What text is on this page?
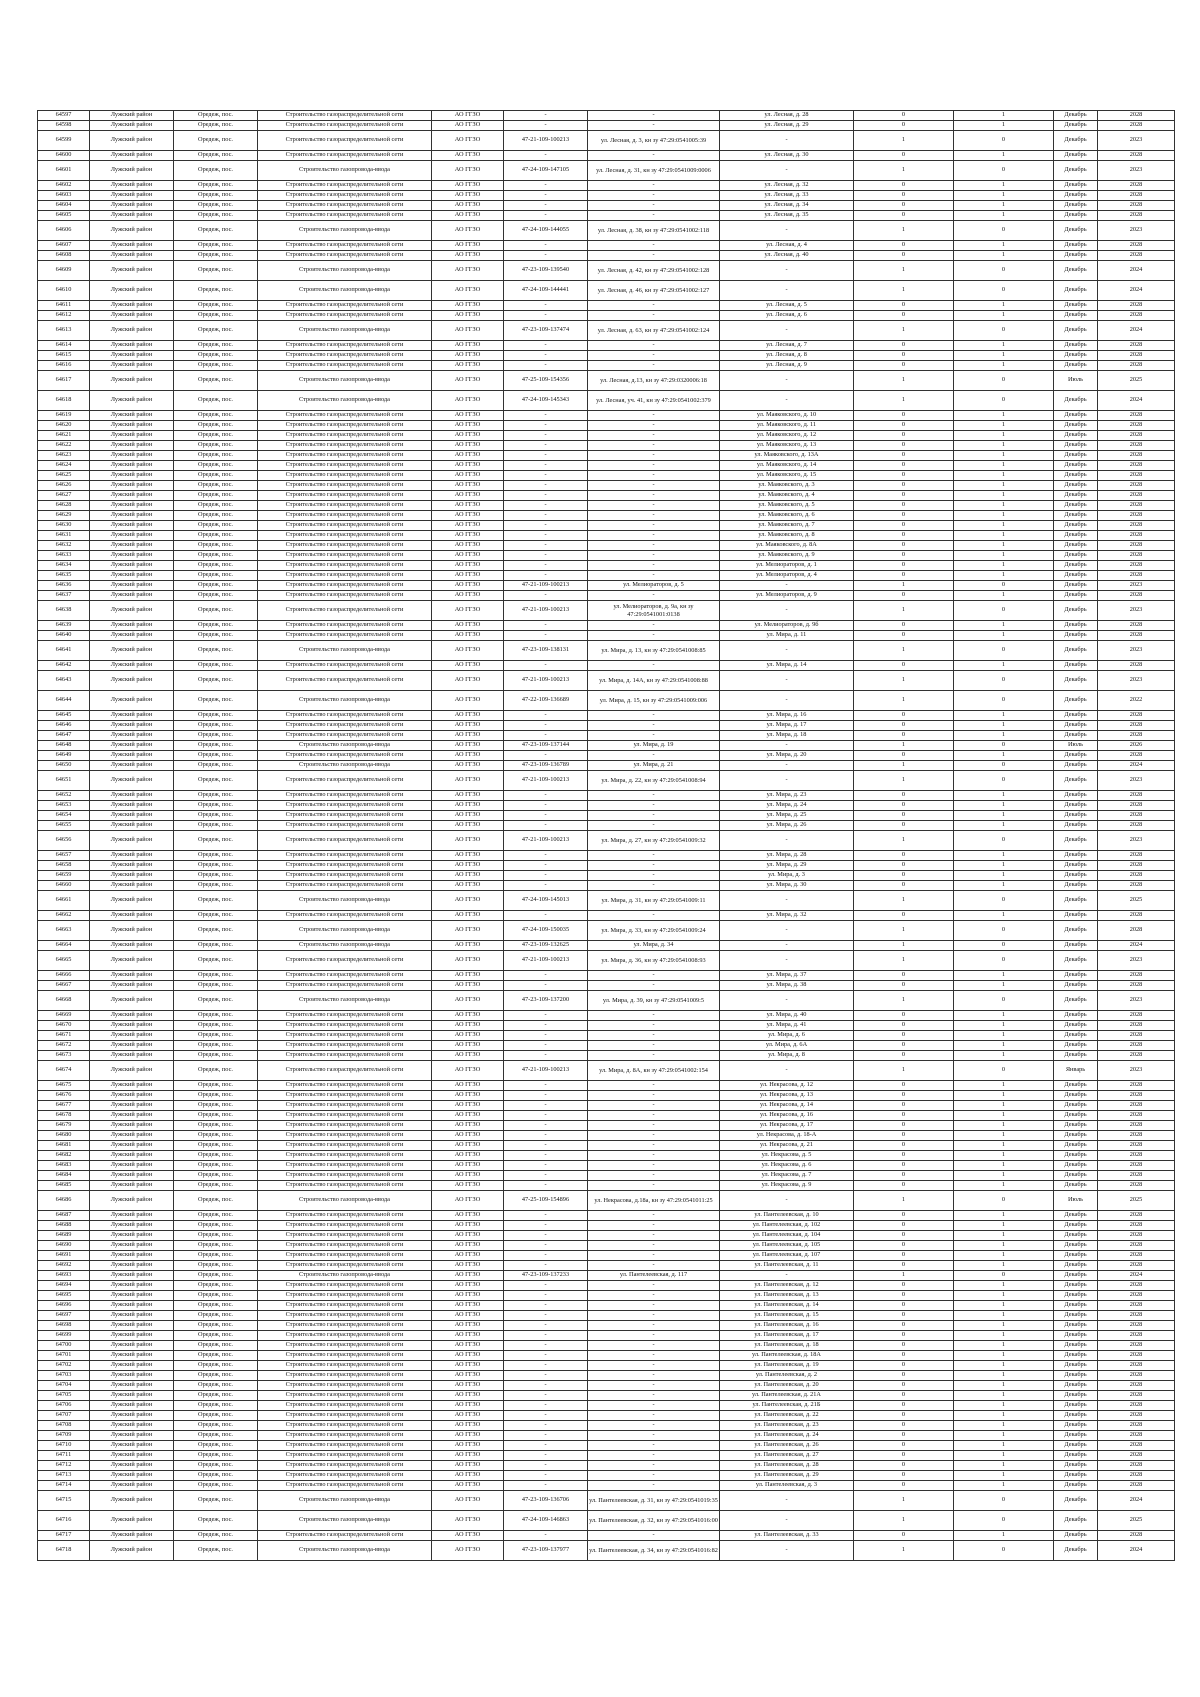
64597	Лужский район	Оредеж, пос.	Строительство газораспределительной сети	АО ГГЗО	-	-	ул. Лесная, д. 28	0	1	Декабрь	2028
64598	Лужский район	Оредеж, пос.	Строительство газораспределительной сети	АО ГГЗО	-	-	ул. Лесная, д. 29	0	1	Декабрь	2028
64599	Лужский район	Оредеж, пос.	Строительство газораспределительной сети	АО ГГЗО	47-21-109-100213	ул. Лесная, д. 3, кн зу 47:29:0541005:39	-	1	0	Декабрь	2023
64600	Лужский район	Оредеж, пос.	Строительство газораспределительной сети	АО ГГЗО	-	-	ул. Лесная, д. 30	0	1	Декабрь	2028
64601	Лужский район	Оредеж, пос.	Строительство газопровода-ввода	АО ГГЗО	47-24-109-147105	ул. Лесная, д. 31, кн зу 47:29:0541009:0006	-	1	0	Декабрь	2023
64602	Лужский район	Оредеж, пос.	Строительство газораспределительной сети	АО ГГЗО	-	-	ул. Лесная, д. 32	0	1	Декабрь	2028
64603	Лужский район	Оредеж, пос.	Строительство газораспределительной сети	АО ГГЗО	-	-	ул. Лесная, д. 33	0	1	Декабрь	2028
64604	Лужский район	Оредеж, пос.	Строительство газораспределительной сети	АО ГГЗО	-	-	ул. Лесная, д. 34	0	1	Декабрь	2028
64605	Лужский район	Оредеж, пос.	Строительство газораспределительной сети	АО ГГЗО	-	-	ул. Лесная, д. 35	0	1	Декабрь	2028
64606	Лужский район	Оредеж, пос.	Строительство газопровода-ввода	АО ГГЗО	47-24-109-144055	ул. Лесная, д. 38, кн зу 47:29:0541002:118	-	1	0	Декабрь	2023
64607	Лужский район	Оредеж, пос.	Строительство газораспределительной сети	АО ГГЗО	-	-	ул. Лесная, д. 4	0	1	Декабрь	2028
64608	Лужский район	Оредеж, пос.	Строительство газораспределительной сети	АО ГГЗО	-	-	ул. Лесная, д. 40	0	1	Декабрь	2028
64609	Лужский район	Оредеж, пос.	Строительство газопровода-ввода	АО ГГЗО	47-23-109-139540	ул. Лесная, д. 42, кн зу 47:29:0541002:128	-	1	0	Декабрь	2024
64610	Лужский район	Оредеж, пос.	Строительство газопровода-ввода	АО ГГЗО	47-24-109-144441	ул. Лесная, д. 46, кн зу 47:29:0541002:127	-	1	0	Декабрь	2024
64611	Лужский район	Оредеж, пос.	Строительство газораспределительной сети	АО ГГЗО	-	-	ул. Лесная, д. 5	0	1	Декабрь	2028
64612	Лужский район	Оредеж, пос.	Строительство газораспределительной сети	АО ГГЗО	-	-	ул. Лесная, д. 6	0	1	Декабрь	2028
64613	Лужский район	Оредеж, пос.	Строительство газопровода-ввода	АО ГГЗО	47-23-109-137474	ул. Лесная, д. 63, кн зу 47:29:0541002:124	-	1	0	Декабрь	2024
64614	Лужский район	Оредеж, пос.	Строительство газораспределительной сети	АО ГГЗО	-	-	ул. Лесная, д. 7	0	1	Декабрь	2028
64615	Лужский район	Оредеж, пос.	Строительство газораспределительной сети	АО ГГЗО	-	-	ул. Лесная, д. 8	0	1	Декабрь	2028
64616	Лужский район	Оредеж, пос.	Строительство газораспределительной сети	АО ГГЗО	-	-	ул. Лесная, д. 9	0	1	Декабрь	2028
64617	Лужский район	Оредеж, пос.	Строительство газопровода-ввода	АО ГГЗО	47-25-109-154356	ул. Лесная, д.13, кн зу 47:29:0320006:18	-	1	0	Июль	2025
64618	Лужский район	Оредеж, пос.	Строительство газопровода-ввода	АО ГГЗО	47-24-109-145343	ул. Лесная, уч. 41, кн зу 47:29:0541002:379	-	1	0	Декабрь	2024
64619	Лужский район	Оредеж, пос.	Строительство газораспределительной сети	АО ГГЗО	-	-	ул. Маяковского, д. 10	0	1	Декабрь	2028
64620	Лужский район	Оредеж, пос.	Строительство газораспределительной сети	АО ГГЗО	-	-	ул. Маяковского, д. 11	0	1	Декабрь	2028
64621	Лужский район	Оредеж, пос.	Строительство газораспределительной сети	АО ГГЗО	-	-	ул. Маяковского, д. 12	0	1	Декабрь	2028
64622	Лужский район	Оредеж, пос.	Строительство газораспределительной сети	АО ГГЗО	-	-	ул. Маяковского, д. 13	0	1	Декабрь	2028
64623	Лужский район	Оредеж, пос.	Строительство газораспределительной сети	АО ГГЗО	-	-	ул. Маяковского, д. 13А	0	1	Декабрь	2028
64624	Лужский район	Оредеж, пос.	Строительство газораспределительной сети	АО ГГЗО	-	-	ул. Маяковского, д. 14	0	1	Декабрь	2028
64625	Лужский район	Оредеж, пос.	Строительство газораспределительной сети	АО ГГЗО	-	-	ул. Маяковского, д. 15	0	1	Декабрь	2028
64626	Лужский район	Оредеж, пос.	Строительство газораспределительной сети	АО ГГЗО	-	-	ул. Маяковского, д. 3	0	1	Декабрь	2028
64627	Лужский район	Оредеж, пос.	Строительство газораспределительной сети	АО ГГЗО	-	-	ул. Маяковского, д. 4	0	1	Декабрь	2028
64628	Лужский район	Оредеж, пос.	Строительство газораспределительной сети	АО ГГЗО	-	-	ул. Маяковского, д. 5	0	1	Декабрь	2028
64629	Лужский район	Оредеж, пос.	Строительство газораспределительной сети	АО ГГЗО	-	-	ул. Маяковского, д. 6	0	1	Декабрь	2028
64630	Лужский район	Оредеж, пос.	Строительство газораспределительной сети	АО ГГЗО	-	-	ул. Маяковского, д. 7	0	1	Декабрь	2028
64631	Лужский район	Оредеж, пос.	Строительство газораспределительной сети	АО ГГЗО	-	-	ул. Маяковского, д. 8	0	1	Декабрь	2028
64632	Лужский район	Оредеж, пос.	Строительство газораспределительной сети	АО ГГЗО	-	-	ул. Маяковского, д. 8А	0	1	Декабрь	2028
64633	Лужский район	Оредеж, пос.	Строительство газораспределительной сети	АО ГГЗО	-	-	ул. Маяковского, д. 9	0	1	Декабрь	2028
64634	Лужский район	Оредеж, пос.	Строительство газораспределительной сети	АО ГГЗО	-	-	ул. Мелиораторов, д. 1	0	1	Декабрь	2028
64635	Лужский район	Оредеж, пос.	Строительство газораспределительной сети	АО ГГЗО	-	-	ул. Мелиораторов, д. 4	0	1	Декабрь	2028
64636	Лужский район	Оредеж, пос.	Строительство газораспределительной сети	АО ГГЗО	47-21-109-100213	ул. Мелиораторов, д. 5	-	1	0	Декабрь	2023
64637	Лужский район	Оредеж, пос.	Строительство газораспределительной сети	АО ГГЗО	-	-	ул. Мелиораторов, д. 9	0	1	Декабрь	2028
64638	Лужский район	Оредеж, пос.	Строительство газораспределительной сети	АО ГГЗО	47-21-109-100213	ул. Мелиораторов, д. 9а, кн зу 47:29:0541001:0138	-	1	0	Декабрь	2023
64639	Лужский район	Оредеж, пос.	Строительство газораспределительной сети	АО ГГЗО	-	-	ул. Мелиораторов, д. 9б	0	1	Декабрь	2028
64640	Лужский район	Оредеж, пос.	Строительство газораспределительной сети	АО ГГЗО	-	-	ул. Мира, д. 11	0	1	Декабрь	2028
64641	Лужский район	Оредеж, пос.	Строительство газопровода-ввода	АО ГГЗО	47-23-109-138131	ул. Мира, д. 13, кн зу 47:29:0541008:85	-	1	0	Декабрь	2023
64642	Лужский район	Оредеж, пос.	Строительство газораспределительной сети	АО ГГЗО	-	-	ул. Мира, д. 14	0	1	Декабрь	2028
64643	Лужский район	Оредеж, пос.	Строительство газораспределительной сети	АО ГГЗО	47-21-109-100213	ул. Мира, д. 14А, кн зу 47:29:0541008:88	-	1	0	Декабрь	2023
64644	Лужский район	Оредеж, пос.	Строительство газопровода-ввода	АО ГГЗО	47-22-109-136689	ул. Мира, д. 15, кн зу 47:29:0541009:006	-	1	0	Декабрь	2022
64645	Лужский район	Оредеж, пос.	Строительство газораспределительной сети	АО ГГЗО	-	-	ул. Мира, д. 16	0	1	Декабрь	2028
64646	Лужский район	Оредеж, пос.	Строительство газораспределительной сети	АО ГГЗО	-	-	ул. Мира, д. 17	0	1	Декабрь	2028
64647	Лужский район	Оредеж, пос.	Строительство газораспределительной сети	АО ГГЗО	-	-	ул. Мира, д. 18	0	1	Декабрь	2028
64648	Лужский район	Оредеж, пос.	Строительство газопровода-ввода	АО ГГЗО	47-23-109-137144	ул. Мира, д. 19	-	1	0	Июль	2026
64649	Лужский район	Оредеж, пос.	Строительство газораспределительной сети	АО ГГЗО	-	-	ул. Мира, д. 20	0	1	Декабрь	2028
64650	Лужский район	Оредеж, пос.	Строительство газопровода-ввода	АО ГГЗО	47-23-109-136789	ул. Мира, д. 21	-	1	0	Декабрь	2024
64651	Лужский район	Оредеж, пос.	Строительство газораспределительной сети	АО ГГЗО	47-21-109-100213	ул. Мира, д. 22, кн зу 47:29:0541008:94	-	1	0	Декабрь	2023
64652	Лужский район	Оредеж, пос.	Строительство газораспределительной сети	АО ГГЗО	-	-	ул. Мира, д. 23	0	1	Декабрь	2028
64653	Лужский район	Оредеж, пос.	Строительство газораспределительной сети	АО ГГЗО	-	-	ул. Мира, д. 24	0	1	Декабрь	2028
64654	Лужский район	Оредеж, пос.	Строительство газораспределительной сети	АО ГГЗО	-	-	ул. Мира, д. 25	0	1	Декабрь	2028
64655	Лужский район	Оредеж, пос.	Строительство газораспределительной сети	АО ГГЗО	-	-	ул. Мира, д. 26	0	1	Декабрь	2028
64656	Лужский район	Оредеж, пос.	Строительство газораспределительной сети	АО ГГЗО	47-21-109-100213	ул. Мира, д. 27, кн зу 47:29:0541009:32	-	1	0	Декабрь	2023
64657	Лужский район	Оредеж, пос.	Строительство газораспределительной сети	АО ГГЗО	-	-	ул. Мира, д. 28	0	1	Декабрь	2028
64658	Лужский район	Оредеж, пос.	Строительство газораспределительной сети	АО ГГЗО	-	-	ул. Мира, д. 29	0	1	Декабрь	2028
64659	Лужский район	Оредеж, пос.	Строительство газораспределительной сети	АО ГГЗО	-	-	ул. Мира, д. 3	0	1	Декабрь	2028
64660	Лужский район	Оредеж, пос.	Строительство газораспределительной сети	АО ГГЗО	-	-	ул. Мира, д. 30	0	1	Декабрь	2028
64661	Лужский район	Оредеж, пос.	Строительство газопровода-ввода	АО ГГЗО	47-24-109-145013	ул. Мира, д. 31, кн зу 47:29:0541009:11	-	1	0	Декабрь	2025
64662	Лужский район	Оредеж, пос.	Строительство газораспределительной сети	АО ГГЗО	-	-	ул. Мира, д. 32	0	1	Декабрь	2028
64663	Лужский район	Оредеж, пос.	Строительство газопровода-ввода	АО ГГЗО	47-24-109-150035	ул. Мира, д. 33, кн зу 47:29:0541009:24	-	1	0	Декабрь	2028
64664	Лужский район	Оредеж, пос.	Строительство газопровода-ввода	АО ГГЗО	47-23-109-132625	ул. Мира, д. 34	-	1	0	Декабрь	2024
64665	Лужский район	Оредеж, пос.	Строительство газораспределительной сети	АО ГГЗО	47-21-109-100213	ул. Мира, д. 36, кн зу 47:29:0541008:93	-	1	0	Декабрь	2023
64666	Лужский район	Оредеж, пос.	Строительство газораспределительной сети	АО ГГЗО	-	-	ул. Мира, д. 37	0	1	Декабрь	2028
64667	Лужский район	Оредеж, пос.	Строительство газораспределительной сети	АО ГГЗО	-	-	ул. Мира, д. 38	0	1	Декабрь	2028
64668	Лужский район	Оредеж, пос.	Строительство газопровода-ввода	АО ГГЗО	47-23-109-137200	ул. Мира, д. 39, кн зу 47:29:0541009:5	-	1	0	Декабрь	2023
64669	Лужский район	Оредеж, пос.	Строительство газораспределительной сети	АО ГГЗО	-	-	ул. Мира, д. 40	0	1	Декабрь	2028
64670	Лужский район	Оредеж, пос.	Строительство газораспределительной сети	АО ГГЗО	-	-	ул. Мира, д. 41	0	1	Декабрь	2028
64671	Лужский район	Оредеж, пос.	Строительство газораспределительной сети	АО ГГЗО	-	-	ул. Мира, д. 6	0	1	Декабрь	2028
64672	Лужский район	Оредеж, пос.	Строительство газораспределительной сети	АО ГГЗО	-	-	ул. Мира, д. 6А	0	1	Декабрь	2028
64673	Лужский район	Оредеж, пос.	Строительство газораспределительной сети	АО ГГЗО	-	-	ул. Мира, д. 8	0	1	Декабрь	2028
64674	Лужский район	Оредеж, пос.	Строительство газораспределительной сети	АО ГГЗО	47-21-109-100213	ул. Мира, д. 8А, кн зу 47:29:0541002:154	-	1	0	Январь	2023
64675	Лужский район	Оредеж, пос.	Строительство газораспределительной сети	АО ГГЗО	-	-	ул. Некрасова, д. 12	0	1	Декабрь	2028
64676	Лужский район	Оредеж, пос.	Строительство газораспределительной сети	АО ГГЗО	-	-	ул. Некрасова, д. 13	0	1	Декабрь	2028
64677	Лужский район	Оредеж, пос.	Строительство газораспределительной сети	АО ГГЗО	-	-	ул. Некрасова, д. 14	0	1	Декабрь	2028
64678	Лужский район	Оредеж, пос.	Строительство газораспределительной сети	АО ГГЗО	-	-	ул. Некрасова, д. 16	0	1	Декабрь	2028
64679	Лужский район	Оредеж, пос.	Строительство газораспределительной сети	АО ГГЗО	-	-	ул. Некрасова, д. 17	0	1	Декабрь	2028
64680	Лужский район	Оредеж, пос.	Строительство газораспределительной сети	АО ГГЗО	-	-	ул. Некрасова, д. 18-А	0	1	Декабрь	2028
64681	Лужский район	Оредеж, пос.	Строительство газораспределительной сети	АО ГГЗО	-	-	ул. Некрасова, д. 21	0	1	Декабрь	2028
64682	Лужский район	Оредеж, пос.	Строительство газораспределительной сети	АО ГГЗО	-	-	ул. Некрасова, д. 5	0	1	Декабрь	2028
64683	Лужский район	Оредеж, пос.	Строительство газораспределительной сети	АО ГГЗО	-	-	ул. Некрасова, д. 6	0	1	Декабрь	2028
64684	Лужский район	Оредеж, пос.	Строительство газораспределительной сети	АО ГГЗО	-	-	ул. Некрасова, д. 7	0	1	Декабрь	2028
64685	Лужский район	Оредеж, пос.	Строительство газораспределительной сети	АО ГГЗО	-	-	ул. Некрасова, д. 9	0	1	Декабрь	2028
64686	Лужский район	Оредеж, пос.	Строительство газопровода-ввода	АО ГГЗО	47-25-109-154896	ул. Некрасова, д.18а, кн зу 47:29:0541011:25	-	1	0	Июль	2025
64687	Лужский район	Оредеж, пос.	Строительство газораспределительной сети	АО ГГЗО	-	-	ул. Пантелеевская, д. 10	0	1	Декабрь	2028
64688	Лужский район	Оредеж, пос.	Строительство газораспределительной сети	АО ГГЗО	-	-	ул. Пантелеевская, д. 102	0	1	Декабрь	2028
64689	Лужский район	Оредеж, пос.	Строительство газораспределительной сети	АО ГГЗО	-	-	ул. Пантелеевская, д. 104	0	1	Декабрь	2028
64690	Лужский район	Оредеж, пос.	Строительство газораспределительной сети	АО ГГЗО	-	-	ул. Пантелеевская, д. 105	0	1	Декабрь	2028
64691	Лужский район	Оредеж, пос.	Строительство газораспределительной сети	АО ГГЗО	-	-	ул. Пантелеевская, д. 107	0	1	Декабрь	2028
64692	Лужский район	Оредеж, пос.	Строительство газораспределительной сети	АО ГГЗО	-	-	ул. Пантелеевская, д. 11	0	1	Декабрь	2028
64693	Лужский район	Оредеж, пос.	Строительство газопровода-ввода	АО ГГЗО	47-23-109-137233	ул. Пантелеевская, д. 117	-	1	0	Декабрь	2024
64694	Лужский район	Оредеж, пос.	Строительство газораспределительной сети	АО ГГЗО	-	-	ул. Пантелеевская, д. 12	0	1	Декабрь	2028
64695	Лужский район	Оредеж, пос.	Строительство газораспределительной сети	АО ГГЗО	-	-	ул. Пантелеевская, д. 13	0	1	Декабрь	2028
64696	Лужский район	Оредеж, пос.	Строительство газораспределительной сети	АО ГГЗО	-	-	ул. Пантелеевская, д. 14	0	1	Декабрь	2028
64697	Лужский район	Оредеж, пос.	Строительство газораспределительной сети	АО ГГЗО	-	-	ул. Пантелеевская, д. 15	0	1	Декабрь	2028
64698	Лужский район	Оредеж, пос.	Строительство газораспределительной сети	АО ГГЗО	-	-	ул. Пантелеевская, д. 16	0	1	Декабрь	2028
64699	Лужский район	Оредеж, пос.	Строительство газораспределительной сети	АО ГГЗО	-	-	ул. Пантелеевская, д. 17	0	1	Декабрь	2028
64700	Лужский район	Оредеж, пос.	Строительство газораспределительной сети	АО ГГЗО	-	-	ул. Пантелеевская, д. 18	0	1	Декабрь	2028
64701	Лужский район	Оредеж, пос.	Строительство газораспределительной сети	АО ГГЗО	-	-	ул. Пантелеевская, д. 18А	0	1	Декабрь	2028
64702	Лужский район	Оредеж, пос.	Строительство газораспределительной сети	АО ГГЗО	-	-	ул. Пантелеевская, д. 19	0	1	Декабрь	2028
64703	Лужский район	Оредеж, пос.	Строительство газораспределительной сети	АО ГГЗО	-	-	ул. Пантелеевская, д. 2	0	1	Декабрь	2028
64704	Лужский район	Оредеж, пос.	Строительство газораспределительной сети	АО ГГЗО	-	-	ул. Пантелеевская, д. 20	0	1	Декабрь	2028
64705	Лужский район	Оредеж, пос.	Строительство газораспределительной сети	АО ГГЗО	-	-	ул. Пантелеевская, д. 21А	0	1	Декабрь	2028
64706	Лужский район	Оредеж, пос.	Строительство газораспределительной сети	АО ГГЗО	-	-	ул. Пантелеевская, д. 21Б	0	1	Декабрь	2028
64707	Лужский район	Оредеж, пос.	Строительство газораспределительной сети	АО ГГЗО	-	-	ул. Пантелеевская, д. 22	0	1	Декабрь	2028
64708	Лужский район	Оредеж, пос.	Строительство газораспределительной сети	АО ГГЗО	-	-	ул. Пантелеевская, д. 23	0	1	Декабрь	2028
64709	Лужский район	Оредеж, пос.	Строительство газораспределительной сети	АО ГГЗО	-	-	ул. Пантелеевская, д. 24	0	1	Декабрь	2028
64710	Лужский район	Оредеж, пос.	Строительство газораспределительной сети	АО ГГЗО	-	-	ул. Пантелеевская, д. 26	0	1	Декабрь	2028
64711	Лужский район	Оредеж, пос.	Строительство газораспределительной сети	АО ГГЗО	-	-	ул. Пантелеевская, д. 27	0	1	Декабрь	2028
64712	Лужский район	Оредеж, пос.	Строительство газораспределительной сети	АО ГГЗО	-	-	ул. Пантелеевская, д. 28	0	1	Декабрь	2028
64713	Лужский район	Оредеж, пос.	Строительство газораспределительной сети	АО ГГЗО	-	-	ул. Пантелеевская, д. 29	0	1	Декабрь	2028
64714	Лужский район	Оредеж, пос.	Строительство газораспределительной сети	АО ГГЗО	-	-	ул. Пантелеевская, д. 3	0	1	Декабрь	2028
64715	Лужский район	Оредеж, пос.	Строительство газопровода-ввода	АО ГГЗО	47-23-109-136706	ул. Пантелеевская, д. 31, кн зу 47:29:0541019:35	-	1	0	Декабрь	2024
64716	Лужский район	Оредеж, пос.	Строительство газопровода-ввода	АО ГГЗО	47-24-109-146863	ул. Пантелеевская, д. 32, кн зу 47:29:0541016:00	-	1	0	Декабрь	2025
64717	Лужский район	Оредеж, пос.	Строительство газораспределительной сети	АО ГГЗО	-	-	ул. Пантелеевская, д. 33	0	1	Декабрь	2028
64718	Лужский район	Оредеж, пос.	Строительство газопровода-ввода	АО ГГЗО	47-23-109-137977	ул. Пантелеевская, д. 34, кн зу 47:29:0541016:82	-	1	0	Декабрь	2024
